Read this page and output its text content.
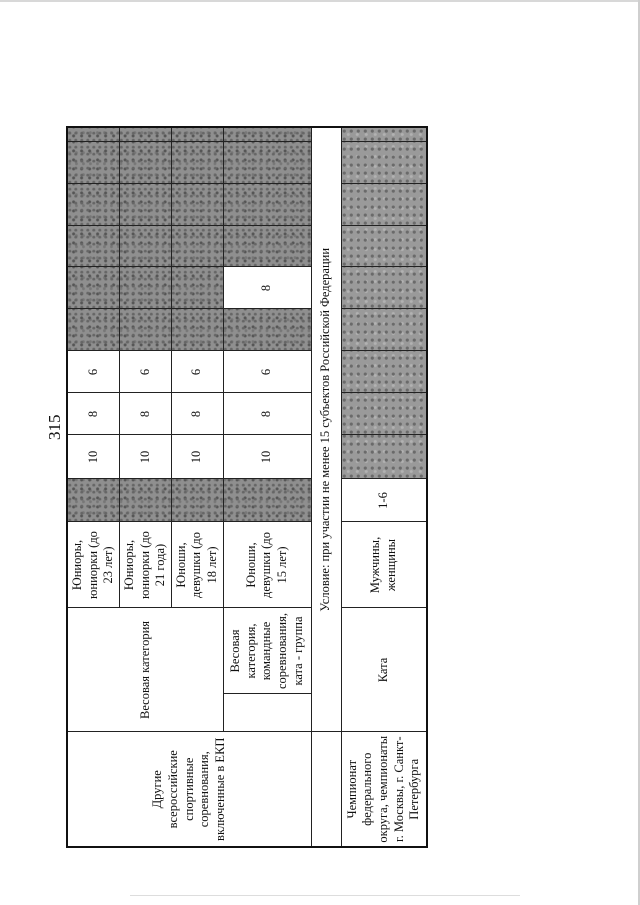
315
Другие всероссийские спортивные соревнования, включенные в ЕКП	Весовая категория		Юниоры, юниорки (до 23 лет)		10	8	6						
			Юниоры, юниорки (до 21 года)		10	8	6						
			Юноши, девушки (до 18 лет)		10	8	6						
		Весовая категория, командные соревнования, ката - группа	Юноши, девушки (до 15 лет)		10	8	6		8				
	Условие: при участии не менее 15 субъектов Российской Федерации												
Чемпионат федерального округа, чемпионаты г. Москвы, г. Санкт-Петербурга	Ката		Мужчины, женщины	1-6									
